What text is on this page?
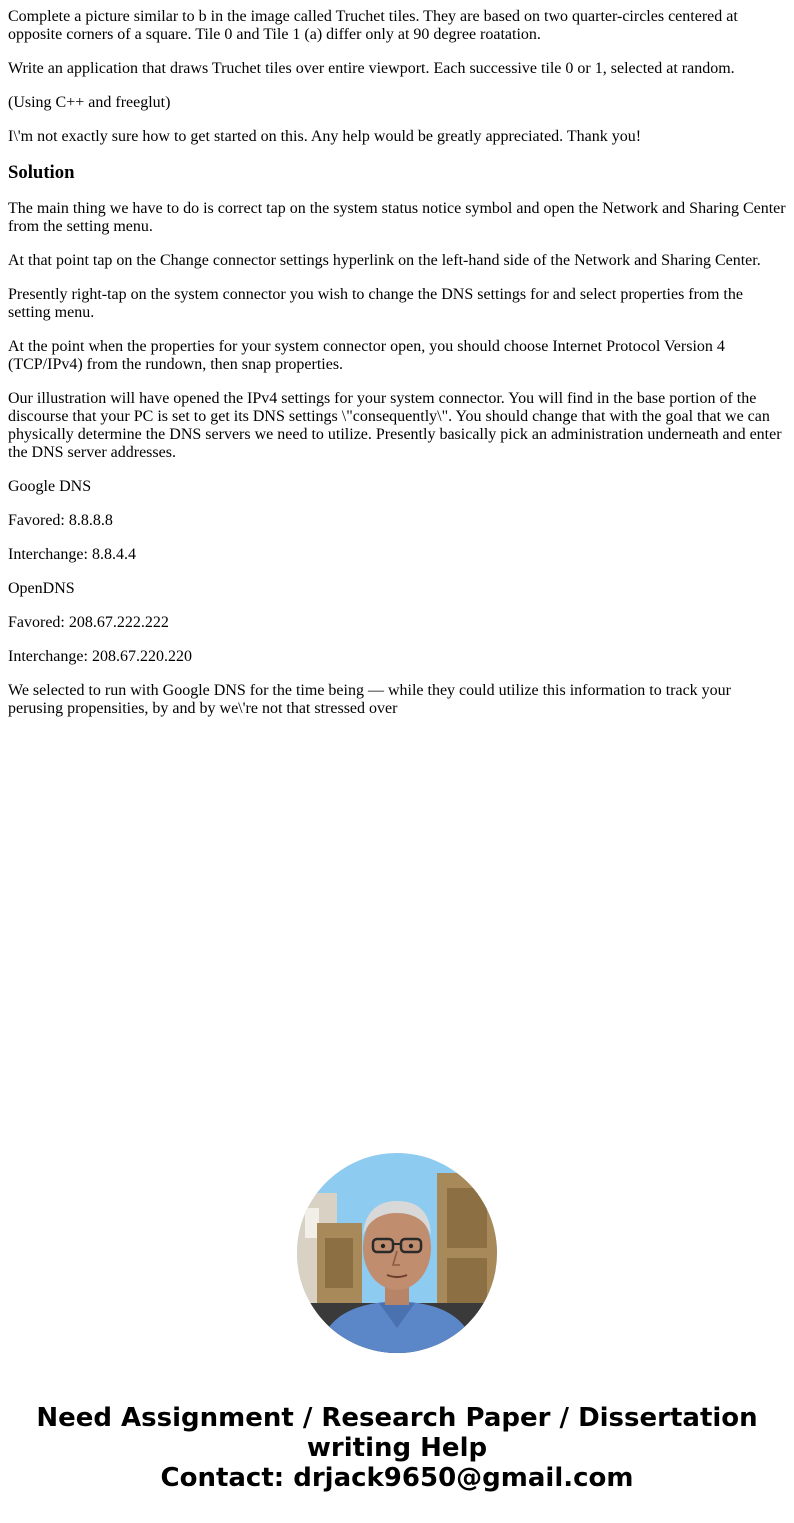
Complete a picture similar to b in the image called Truchet tiles. They are based on two quarter-circles centered at opposite corners of a square. Tile 0 and Tile 1 (a) differ only at 90 degree roatation.

Write an application that draws Truchet tiles over entire viewport. Each successive tile 0 or 1, selected at random.

(Using C++ and freeglut)

I\'m not exactly sure how to get started on this. Any help would be greatly appreciated. Thank you!

Solution

The main thing we have to do is correct tap on the system status notice symbol and open the Network and Sharing Center from the setting menu.

At that point tap on the Change connector settings hyperlink on the left-hand side of the Network and Sharing Center.

Presently right-tap on the system connector you wish to change the DNS settings for and select properties from the setting menu.

At the point when the properties for your system connector open, you should choose Internet Protocol Version 4 (TCP/IPv4) from the rundown, then snap properties.

Our illustration will have opened the IPv4 settings for your system connector. You will find in the base portion of the discourse that your PC is set to get its DNS settings \"consequently\". You should change that with the goal that we can physically determine the DNS servers we need to utilize. Presently basically pick an administration underneath and enter the DNS server addresses.

Google DNS

Favored: 8.8.8.8

Interchange: 8.8.4.4

OpenDNS

Favored: 208.67.222.222

Interchange: 208.67.220.220

We selected to run with Google DNS for the time being — while they could utilize this information to track your perusing propensities, by and by we\'re not that stressed over

Need Assignment / Research Paper / Dissertation
writing Help
Contact: drjack9650@gmail.com
